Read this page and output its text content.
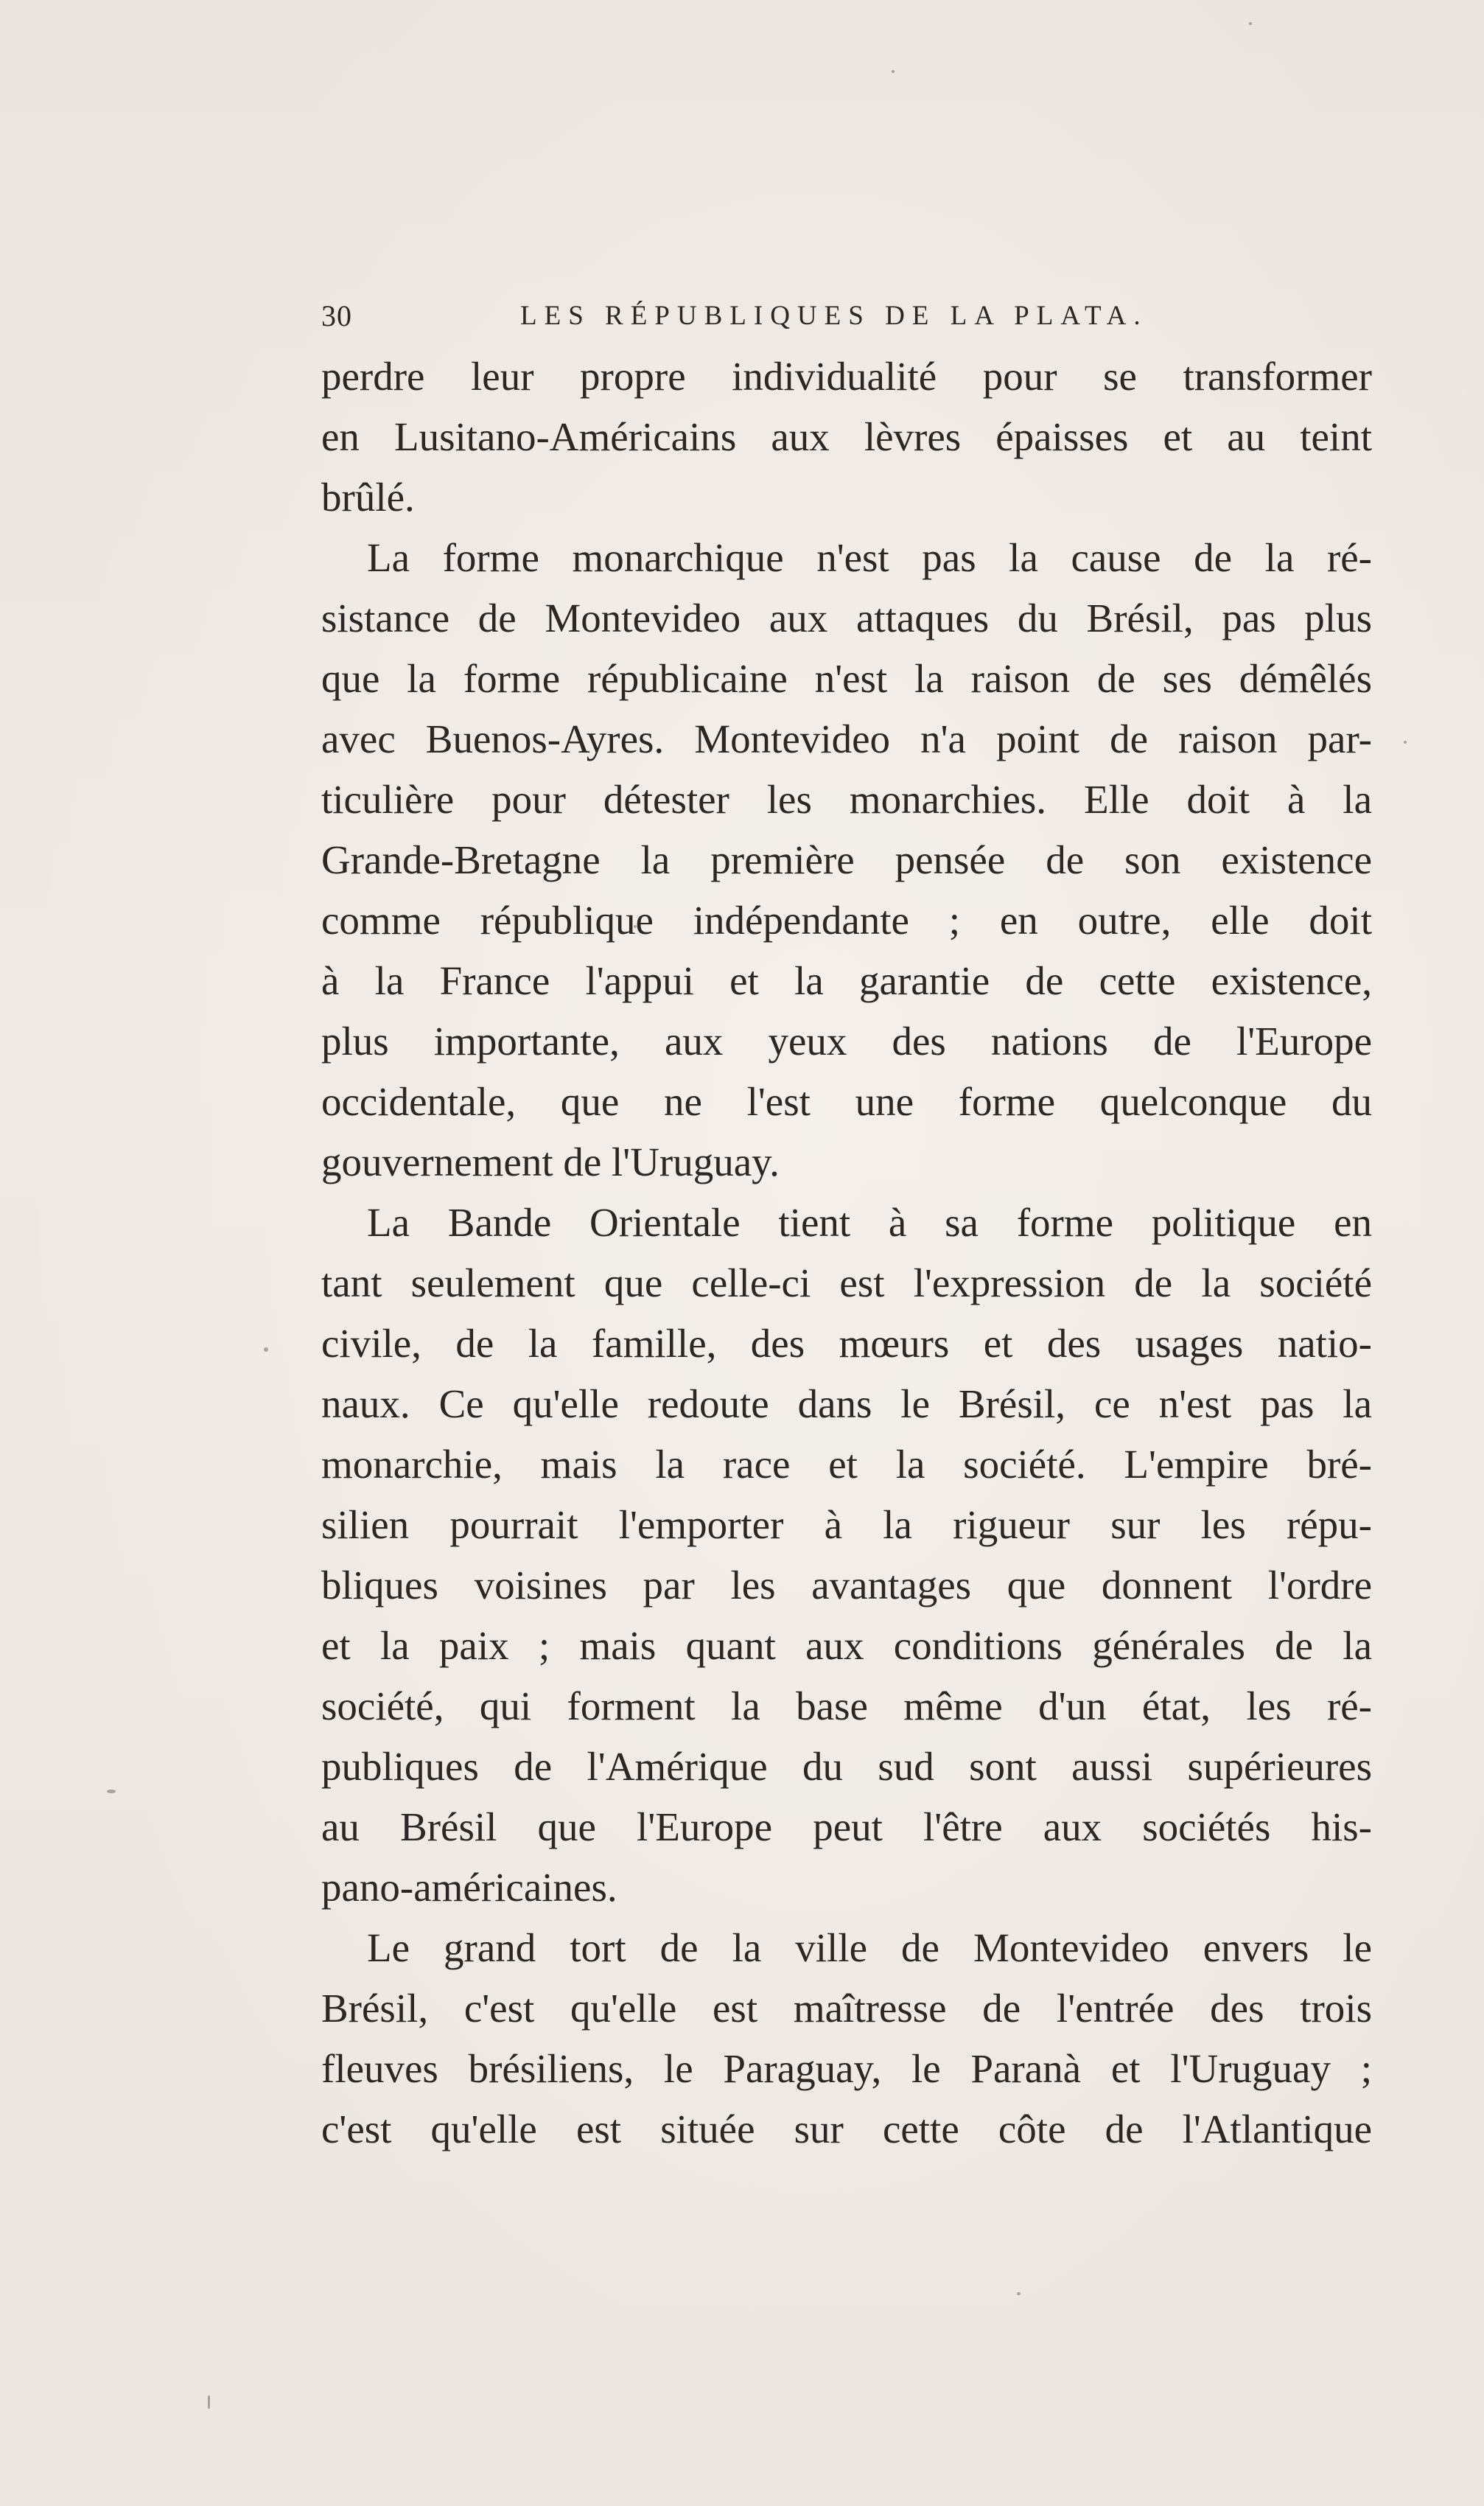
30	LES RÉPUBLIQUES DE LA PLATA.
perdre leur propre individualité pour se transformer
en Lusitano-Américains aux lèvres épaisses et au teint
brûlé.
La forme monarchique n'est pas la cause de la ré-
sistance de Montevideo aux attaques du Brésil, pas plus
que la forme républicaine n'est la raison de ses démêlés
avec Buenos-Ayres. Montevideo n'a point de raison par-
ticulière pour détester les monarchies. Elle doit à la
Grande-Bretagne la première pensée de son existence
comme république indépendante ; en outre, elle doit
à la France l'appui et la garantie de cette existence,
plus importante, aux yeux des nations de l'Europe
occidentale, que ne l'est une forme quelconque du
gouvernement de l'Uruguay.
La Bande Orientale tient à sa forme politique en
tant seulement que celle-ci est l'expression de la société
civile, de la famille, des mœurs et des usages natio-
naux. Ce qu'elle redoute dans le Brésil, ce n'est pas la
monarchie, mais la race et la société. L'empire bré-
silien pourrait l'emporter à la rigueur sur les répu-
bliques voisines par les avantages que donnent l'ordre
et la paix ; mais quant aux conditions générales de la
société, qui forment la base même d'un état, les ré-
publiques de l'Amérique du sud sont aussi supérieures
au Brésil que l'Europe peut l'être aux sociétés his-
pano-américaines.
Le grand tort de la ville de Montevideo envers le
Brésil, c'est qu'elle est maîtresse de l'entrée des trois
fleuves brésiliens, le Paraguay, le Paranà et l'Uruguay ;
c'est qu'elle est située sur cette côte de l'Atlantique
